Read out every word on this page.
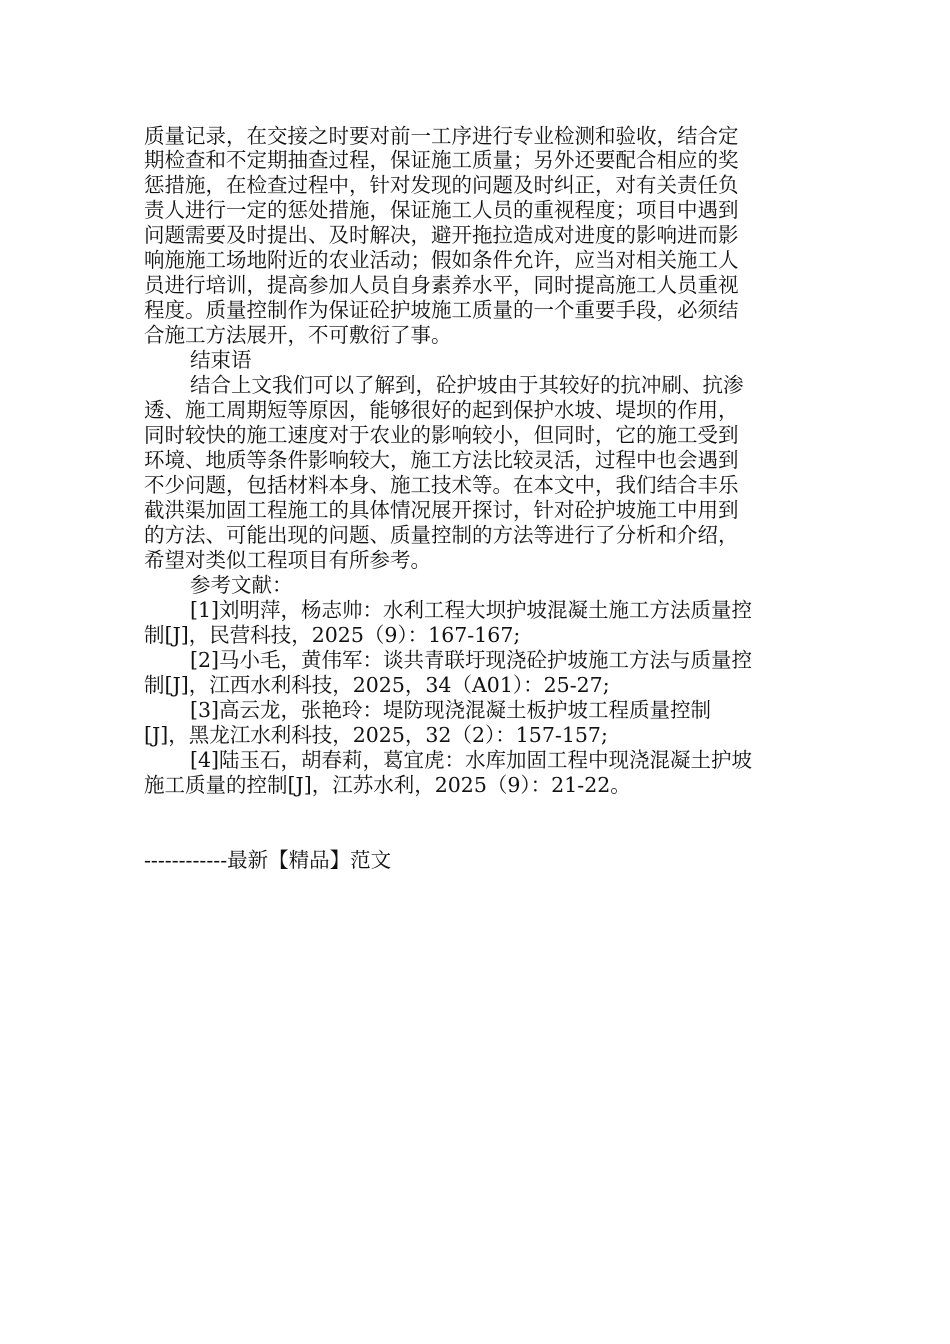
质量记录，在交接之时要对前一工序进行专业检测和验收，结合定
期检查和不定期抽查过程，保证施工质量；另外还要配合相应的奖
惩措施，在检查过程中，针对发现的问题及时纠正，对有关责任负
责人进行一定的惩处措施，保证施工人员的重视程度；项目中遇到
问题需要及时提出、及时解决，避开拖拉造成对进度的影响进而影
响施施工场地附近的农业活动；假如条件允许，应当对相关施工人
员进行培训，提高参加人员自身素养水平，同时提高施工人员重视
程度。质量控制作为保证砼护坡施工质量的一个重要手段，必须结
合施工方法展开，不可敷衍了事。
结束语
结合上文我们可以了解到，砼护坡由于其较好的抗冲刷、抗渗
透、施工周期短等原因，能够很好的起到保护水坡、堤坝的作用，
同时较快的施工速度对于农业的影响较小，但同时，它的施工受到
环境、地质等条件影响较大，施工方法比较灵活，过程中也会遇到
不少问题，包括材料本身、施工技术等。在本文中，我们结合丰乐
截洪渠加固工程施工的具体情况展开探讨，针对砼护坡施工中用到
的方法、可能出现的问题、质量控制的方法等进行了分析和介绍，
希望对类似工程项目有所参考。
参考文献：
[1]刘明萍，杨志帅：水利工程大坝护坡混凝土施工方法质量控
制[J]，民营科技，2025（9）：167-167;
[2]马小毛，黄伟军：谈共青联圩现浇砼护坡施工方法与质量控
制[J]，江西水利科技，2025，34（A01）：25-27;
[3]高云龙，张艳玲：堤防现浇混凝土板护坡工程质量控制
[J]，黑龙江水利科技，2025，32（2）：157-157;
[4]陆玉石，胡春莉，葛宜虎：水库加固工程中现浇混凝土护坡
施工质量的控制[J]，江苏水利，2025（9）：21-22。
------------最新【精品】范文
